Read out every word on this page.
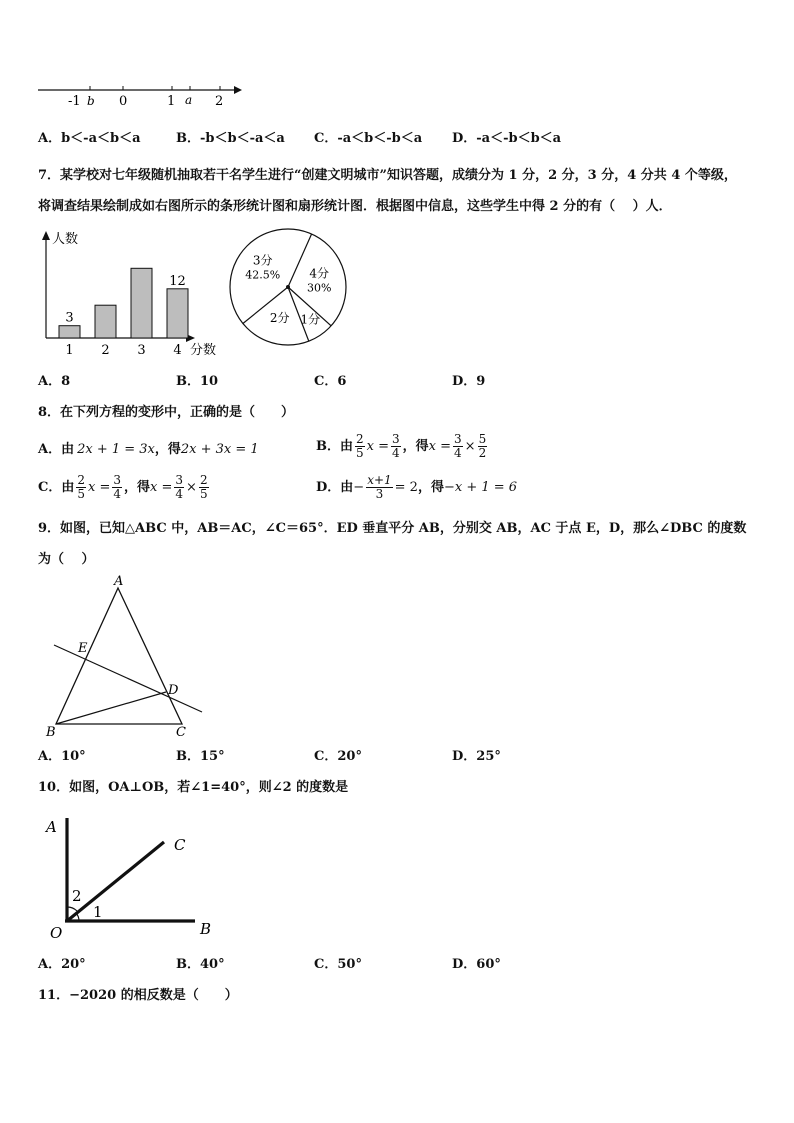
-1 b 0	1 a 2
A．b＜-a＜b＜a	B．-b＜b＜-a＜a C．-a＜b＜-b＜a D．-a＜-b＜b＜a
7．某学校对七年级随机抽取若干名学生进行“创建文明城市”知识答题，成绩分为 1 分，2 分，3 分，4 分共 4 个等级，
将调查结果绘制成如右图所示的条形统计图和扇形统计图．根据图中信息，这些学生中得 2 分的有（　 ）人．
人数
分数
1
3
2 3 4
12
4分
30%
1分
2分
3分
42.5%
A．8	B．10	C．6	D．9
8．在下列方程的变形中，正确的是（　　）
A．由 2x + 1 = 3x ，得 2x + 3x = 1	B．由 $\frac{2}{5}$ $x = \frac{3}{4}$ ，得 $x = \frac{3}{4} \times \frac{5}{2}$
C．由 $\frac{2}{5}$ $x = \frac{3}{4}$ ，得 $x = \frac{3}{4} \times \frac{2}{5}$	D．由 − $\frac{x+1}{3} = 2$ ，得 −x + 1 = 6
9．如图，已知△ABC 中，AB＝AC，∠C＝65°．ED 垂直平分 AB，分别交 AB，AC 于点 E，D，那么∠DBC 的度数
为（　 ）
A
E
D
B	C
A．10°	B．15°	C．20°	D．25°
10．如图，OA⊥OB，若∠1=40°，则∠2 的度数是
A
C
2
1
O	B
A．20°	B．40°	C．50°	D．60°
11．−2020 的相反数是（　　）
